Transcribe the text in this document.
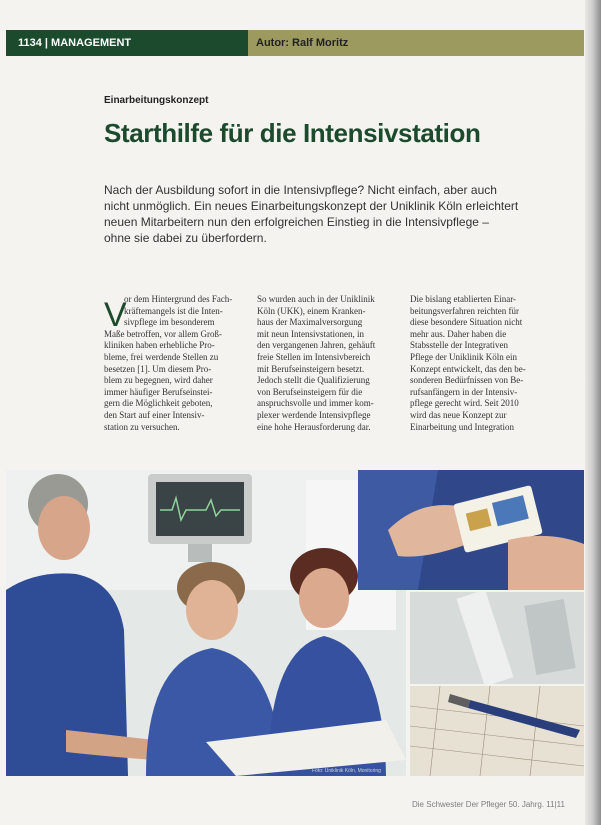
1134 | MANAGEMENT	Autor: Ralf Moritz
Einarbeitungskonzept
Starthilfe für die Intensivstation
Nach der Ausbildung sofort in die Intensivpflege? Nicht einfach, aber auch
nicht unmöglich. Ein neues Einarbeitungskonzept der Uniklinik Köln erleichtert
neuen Mitarbeitern nun den erfolgreichen Einstieg in die Intensivpflege –
ohne sie dabei zu überfordern.
V
or dem Hintergrund des Fach-
kräftemangels ist die Inten-
sivpflege im besonderem
Maße betroffen, vor allem Groß-
kliniken haben erhebliche Pro-
bleme, frei werdende Stellen zu
besetzen [1]. Um diesem Pro-
blem zu begegnen, wird daher
immer häufiger Berufseinstei-
gern die Möglichkeit geboten,
den Start auf einer Intensiv-
station zu versuchen.
So wurden auch in der Uniklinik
Köln (UKK), einem Kranken-
haus der Maximalversorgung
mit neun Intensivstationen, in
den vergangenen Jahren, gehäuft
freie Stellen im Intensivbereich
mit Berufseinsteigern besetzt.
Jedoch stellt die Qualifizierung
von Berufseinsteigern für die
anspruchsvolle und immer kom-
plexer werdende Intensivpflege
eine hohe Herausforderung dar.
Die bislang etablierten Einar-
beitungsverfahren reichten für
diese besondere Situation nicht
mehr aus. Daher haben die
Stabsstelle der Integrativen
Pflege der Uniklinik Köln ein
Konzept entwickelt, das den be-
sonderen Bedürfnissen von Be-
rufsanfängern in der Intensiv-
pflege gerecht wird. Seit 2010
wird das neue Konzept zur
Einarbeitung und Integration
Foto: Uniklinik Köln, Monitoring
Die Schwester Der Pfleger 50. Jahrg. 11|11
